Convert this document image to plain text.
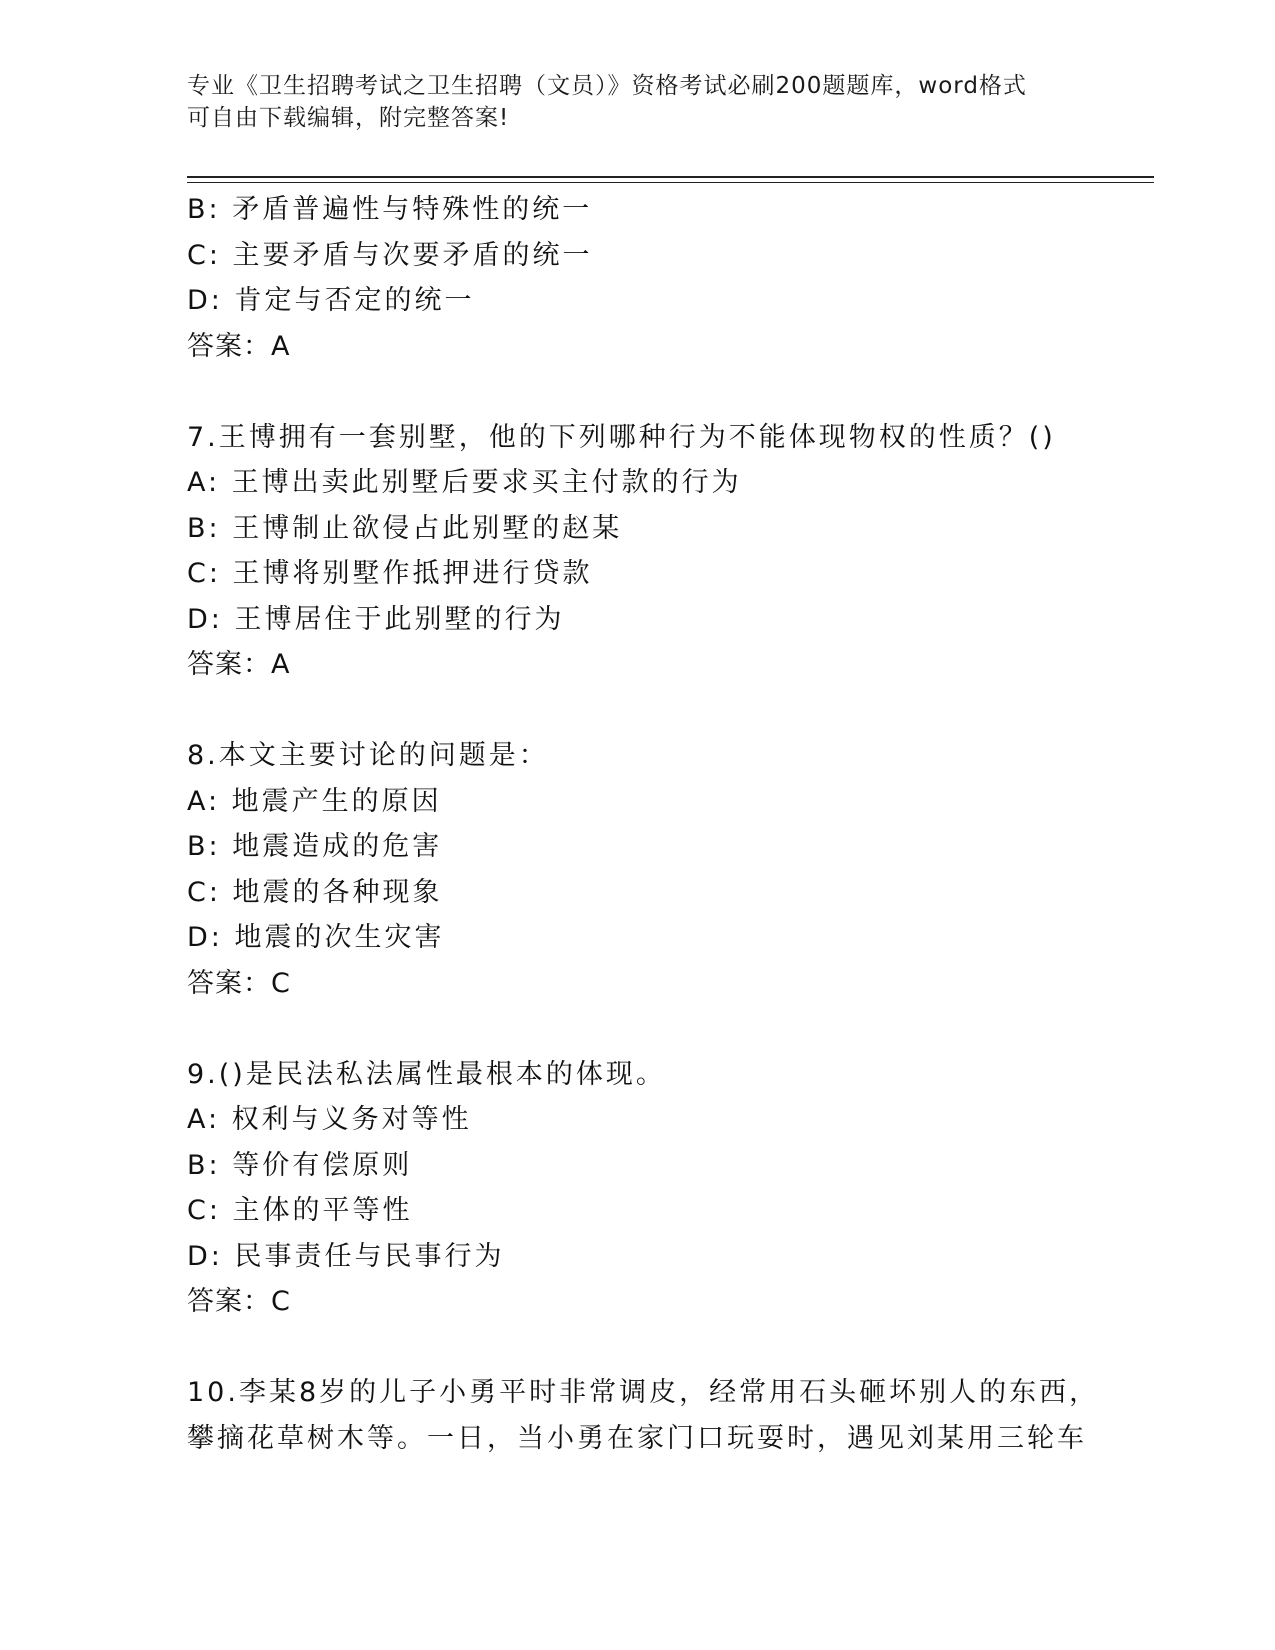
专业《卫生招聘考试之卫生招聘（文员）》资格考试必刷200题题库，word格式
可自由下载编辑，附完整答案!
B: 矛盾普遍性与特殊性的统一
C: 主要矛盾与次要矛盾的统一
D: 肯定与否定的统一
答案：A
7.王博拥有一套别墅，他的下列哪种行为不能体现物权的性质？()
A: 王博出卖此别墅后要求买主付款的行为
B: 王博制止欲侵占此别墅的赵某
C: 王博将别墅作抵押进行贷款
D: 王博居住于此别墅的行为
答案：A
8.本文主要讨论的问题是：
A: 地震产生的原因
B: 地震造成的危害
C: 地震的各种现象
D: 地震的次生灾害
答案：C
9.()是民法私法属性最根本的体现。
A: 权利与义务对等性
B: 等价有偿原则
C: 主体的平等性
D: 民事责任与民事行为
答案：C
10.李某8岁的儿子小勇平时非常调皮，经常用石头砸坏别人的东西，
攀摘花草树木等。一日，当小勇在家门口玩耍时，遇见刘某用三轮车
